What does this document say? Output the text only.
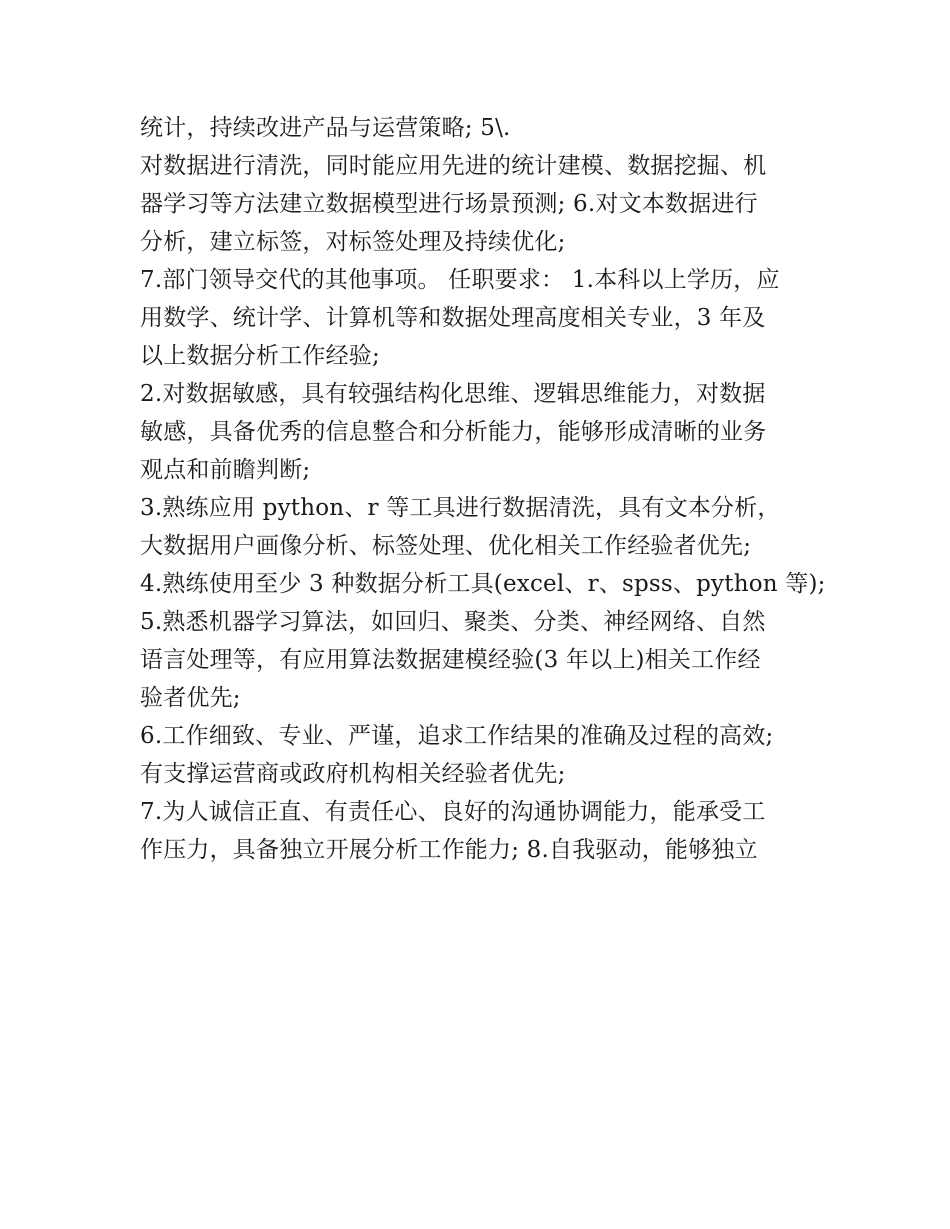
统计，持续改进产品与运营策略; 5\.
对数据进行清洗，同时能应用先进的统计建模、数据挖掘、机
器学习等方法建立数据模型进行场景预测; 6.对文本数据进行
分析，建立标签，对标签处理及持续优化;
7.部门领导交代的其他事项。 任职要求： 1.本科以上学历，应
用数学、统计学、计算机等和数据处理高度相关专业，3 年及
以上数据分析工作经验;
2.对数据敏感，具有较强结构化思维、逻辑思维能力，对数据
敏感，具备优秀的信息整合和分析能力，能够形成清晰的业务
观点和前瞻判断;
3.熟练应用 python、r 等工具进行数据清洗，具有文本分析，
大数据用户画像分析、标签处理、优化相关工作经验者优先;
4.熟练使用至少 3 种数据分析工具(excel、r、spss、python 等);
5.熟悉机器学习算法，如回归、聚类、分类、神经网络、自然
语言处理等，有应用算法数据建模经验(3 年以上)相关工作经
验者优先;
6.工作细致、专业、严谨，追求工作结果的准确及过程的高效;
有支撑运营商或政府机构相关经验者优先;
7.为人诚信正直、有责任心、良好的沟通协调能力，能承受工
作压力，具备独立开展分析工作能力; 8.自我驱动，能够独立
